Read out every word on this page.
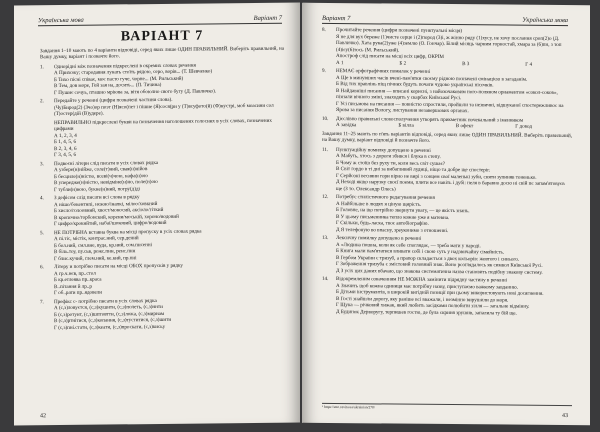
Українська мова	Варіант 7
ВАРІАНТ 7
Завдання 1–10 мають по 4 варіанти відповіді, серед яких лише ОДИН ПРАВИЛЬНИЙ. Виберіть правильний, на Вашу думку, варіант і позначте його.
1.	Однорідні між позначення підкреслені в окремих словах речення
А Прихожу; стародавня лунать стоїть рядою, серо, ворів... (Т. Шевченко)
Б Тихо пісні співає, моє пасто гуче, чорне... (М. Рильський)
В Тем, дов море, Гей зая на, досить... (П. Тичина)
Г Пушиє сочуь, пташно мріюва за, вітя обоюлно свого бугу (Д. Павличко).
2.	Передайте у реченні (цифри позначені частини слова).
(Чу)Бирод(2) (Зчо)ор поэт (Н)ясо(пет і пішие (Я)сося(ри у (Т)всуфото(й) (Ф)нустрі, моб моасини сол (Т)остер(дій (В)удере).
НЕПРАВИЛЬНО підкреслені букви на позначення наголошених голосних в усіх словах, позначених цифрами
А 1, 2, 3, 4
Б 1, 4, 5, 6
В 2, 3, 4, 6
Г 3, 4, 5, 6
3.	Подвоєні літери слід писати в усіх словах рядка
А узбере(н)нійже, соле(т)ний, свая(н)нійов
Б бесциле(н)ністю, всеві(ч)чою, нафа(н)ою
В упередже(н)ністю, невідміне(н)но, поле(н)ою
Г тубли(н)ною, букне(н)ний, погру(д)ді
4.	З дефісом слід писати всі слова в рядку
А нішо/бокентнпі, нєжно/інапкі, мілоо/ховкний
Б хисло/голоовний, хвост/моносий, аксіоло/гіткий
В кропочно/горбонский, корени/моській, хороно/водовий
Г цифро/крокийтий, набаї/шоковий, цифро/водовий
5.	НЕ ПОТРІБНА вставна буква на місці пропуску в усіх словах рядка
А пі.тіс, містік, контрас.ний, сер.дений
Б бол.ний, смл.вне, вуда, кр.ний, сом.пнсенні
В біль.тоу, пу.сьв, рожс.пнн, ренс.пнн
Г блис.кучий, ґлем.ний, ке.кий, пр.пні
6.	Літеру и потрібно писати на місці ОБОХ пропусків у рядку
А гр.ч.нєв, пр..стол
Б кр.етлеява пр..краса
В..пітання й лр..р
Г об..рати пр..ядовели
7.	Префікс с- потрібно писати в усіх словах рядка
А (с,з)ловуєтся, (с,з)кушнти, (с,з)полеть, (с,з)ннти
Б (с,з)ротунт, (с,з)шптовтти, (с,з)ложа, (с,з)мирнам
В (с,з)ртнітися, (с,з)копання, (с,з)туститися, (с,з)шити
Г (с,з)пні.стати, (с,з)кеати, (с,з)проскати, (с,з)кисьу
42
Варіант 7	Українська мова
8.	Прочитайте речення (цифри позначені пунктуальні місця)
Я не для вух береже (1)чисте серце і (2)пород (3)і, ж жінно ряду (1)хусу, не хочу послання сроп(2)о (Д. Павличко). Хата рука(2)уже (4)землю (О. Гончар). Білий місяць чарним горностай, хмара за (6)пн, з топ (4)ієу(6)тось (М. Рильський).
Апостроф слід писати на місці всіх цифр, ОКРІМ
А 1	Б 2	В 3	Г 4
9.	НЕМАЄ орфографічних помилок у реченні
А Ще в минувших часів вчені-пам'ятки своєму рідною позначені ємінацією в загаданім.
Б Від тих правлінь піщ пічних будуть почати чудово українські пісочків.
В Найдавніші писання — вписані корисні, з найохочаковим ного-поляном орнаментом «сокол-соков», пізнали вічного зміні, знаходять у скарбах Київської Русі.
Г Усі письмова на писання — повністю спростили, пройшли та незвичні, відшуканої спостережливос на Ярова за писання Вологу, листування незавершових органах.
10.	Дієслівно правильні словосполучення утворять прикметник почекальний з іменником
А завідка	Б вілла	В офект	Г довод
Завдання 11–25 мають по п'ять варіантів відповіді, серед яких лише ОДИН ПРАВИЛЬНИЙ. Виберіть правильний, на Вашу думку, варіант відповіді й позначте його.
11.	Пунктуаційну помилку допущено в реченні
А Мабуть, хтось з дороги збився і блука в степу.
Б Чому ж стоїш без руху ти, коли весь світ сушає?
В Світ гордо в ті дні за вибагливий лудиці, ніщо та добре ще спостеріг.
Г Серйозні весняни гори вірно не вирі з сонцем свої маленькі зуби, сняти зупиняв тоненько.
Д Неході якщо нарузку своєї поеми, плити все навіть і дубі: неля в баравно досю ні свій пє запам'ятовуєв ще (З то. Олександр Олесь)
12.	Потребує стилістичного редагування речення
А Найбільше в людях я ціную щирість.
Б Головне, на що потрібно звернути увагу, — це якість знань.
В У цьому письменника тепло кожне уже я матевна.
Г Скільки, будь-ласка, твоє автобіографію.
Д Я телефоную во впасну, зреуконимо з отношенні.
13.	Лексичну помилку допущено в реченні
А «Людина пошна, коли як себе споглядає, — треба мати у народі.
Б Книга мали пам'ятатися вливати собі і свою суть у надзвичайну сімейність.
В Гербом України є тризуб, а прапор складається з двох кольорів: жовтого і синього.
Г Зображення тризуба є змістовий головний знак. Воно розглядалось як символ Київської Русі.
Д З усіх цих даних вбачаю, що знакова систематична назва становить подібну знакову систему.
14.	Відокремленим означенням НЕ МОЖНА замінити підрядну частину в реченні
А Значить щоб кожна одиниця має потрібну назву, приступаємо важкому завданню.
Б Дітьми інструментів, в широкій вигідній позиції при цьому використовують нові досягнення.
В Гості знайшли дорогу, яку раніше всі вважали, і незмінно вирушили до моря.
Г Щука — річковий хижак, який любить засідками полюбити зілля — загальне відмінну.
Д Будинок Дерворугу, терпишев гостю, де була скриня зрушив, запалила ту бій ще.
¹ https://zno.osvita.ua/ukrainian/270/
43
